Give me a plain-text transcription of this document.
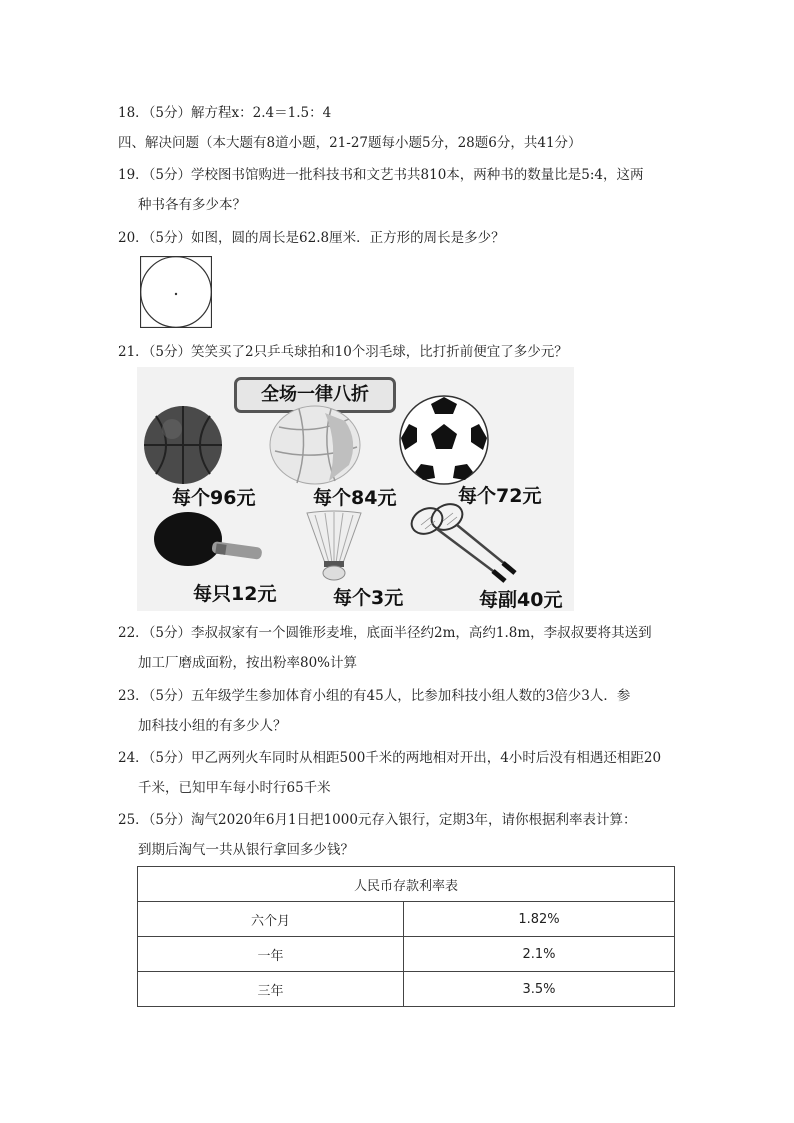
18．（5分）解方程x：2.4＝1.5：4
四、解决问题（本大题有8道小题，21-27题每小题5分，28题6分，共41分）
19．（5分）学校图书馆购进一批科技书和文艺书共810本，两种书的数量比是5:4，这两
种书各有多少本？
20．（5分）如图，圆的周长是62.8厘米．正方形的周长是多少？
21．（5分）笑笑买了2只乒乓球拍和10个羽毛球，比打折前便宜了多少元？
全场一律八折
每个96元	每个84元	每个72元
每只12元	每个3元	每副40元
22．（5分）李叔叔家有一个圆锥形麦堆，底面半径约2m，高约1.8m，李叔叔要将其送到
加工厂磨成面粉，按出粉率80%计算
23．（5分）五年级学生参加体育小组的有45人，比参加科技小组人数的3倍少3人．参
加科技小组的有多少人？
24．（5分）甲乙两列火车同时从相距500千米的两地相对开出，4小时后没有相遇还相距20
千米，已知甲车每小时行65千米
25．（5分）淘气2020年6月1日把1000元存入银行，定期3年，请你根据利率表计算：
到期后淘气一共从银行拿回多少钱？
人民币存款利率表	
六个月	1.82%
一年	2.1%
三年	3.5%
